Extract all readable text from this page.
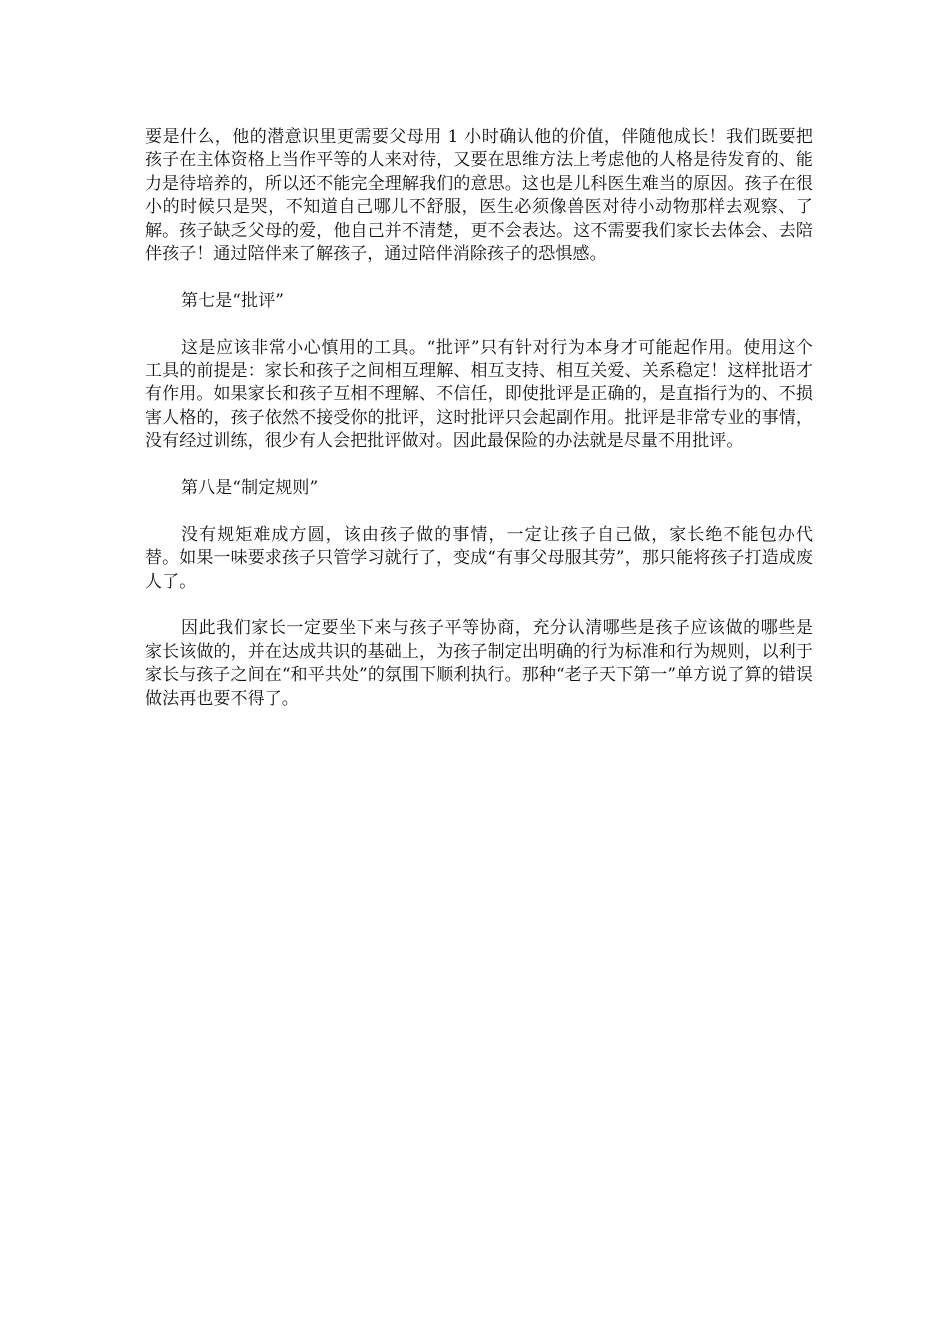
要是什么，他的潜意识里更需要父母用 1 小时确认他的价值，伴随他成长！我们既要把孩子在主体资格上当作平等的人来对待，又要在思维方法上考虑他的人格是待发育的、能力是待培养的，所以还不能完全理解我们的意思。这也是儿科医生难当的原因。孩子在很小的时候只是哭，不知道自己哪儿不舒服，医生必须像兽医对待小动物那样去观察、了解。孩子缺乏父母的爱，他自己并不清楚，更不会表达。这不需要我们家长去体会、去陪伴孩子！通过陪伴来了解孩子，通过陪伴消除孩子的恐惧感。

第七是“批评”

这是应该非常小心慎用的工具。“批评”只有针对行为本身才可能起作用。使用这个工具的前提是：家长和孩子之间相互理解、相互支持、相互关爱、关系稳定！这样批语才有作用。如果家长和孩子互相不理解、不信任，即使批评是正确的，是直指行为的、不损害人格的，孩子依然不接受你的批评，这时批评只会起副作用。批评是非常专业的事情，没有经过训练，很少有人会把批评做对。因此最保险的办法就是尽量不用批评。

第八是“制定规则”

没有规矩难成方圆，该由孩子做的事情，一定让孩子自己做，家长绝不能包办代替。如果一味要求孩子只管学习就行了，变成“有事父母服其劳”，那只能将孩子打造成废人了。

因此我们家长一定要坐下来与孩子平等协商，充分认清哪些是孩子应该做的哪些是家长该做的，并在达成共识的基础上，为孩子制定出明确的行为标准和行为规则，以利于家长与孩子之间在“和平共处”的氛围下顺利执行。那种“老子天下第一”单方说了算的错误做法再也要不得了。
